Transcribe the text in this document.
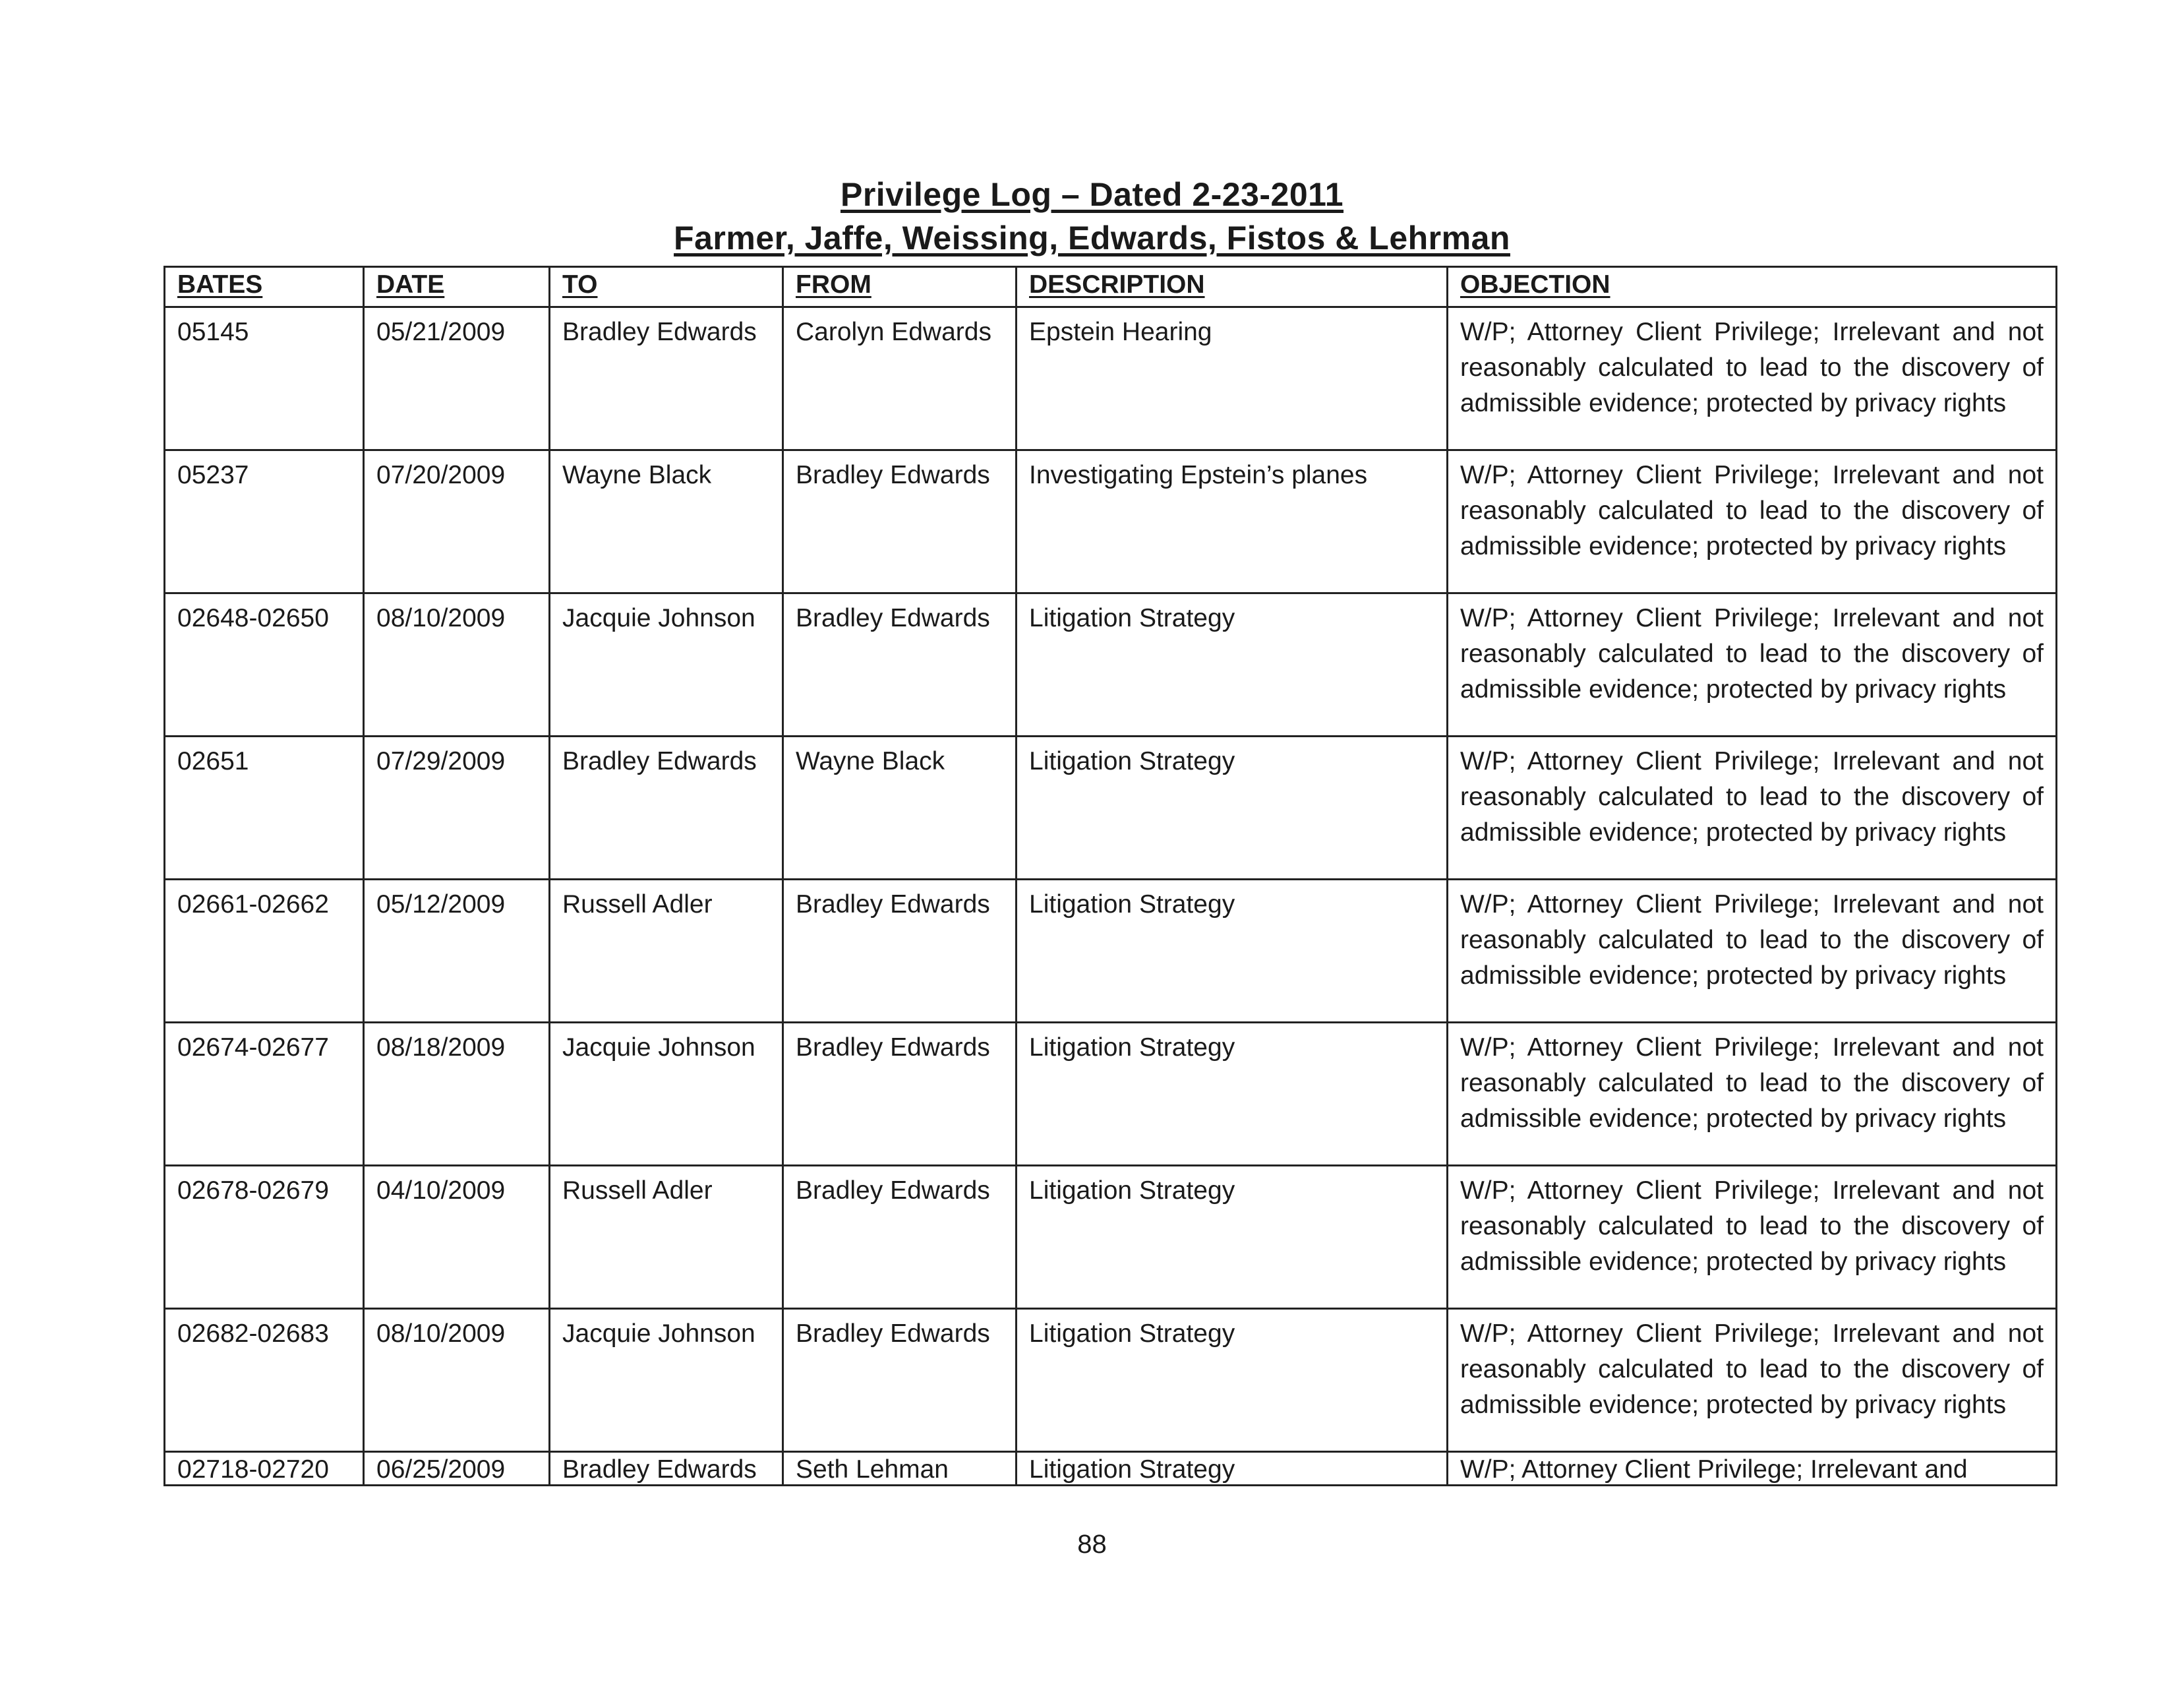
Privilege Log – Dated 2-23-2011
Farmer, Jaffe, Weissing, Edwards, Fistos & Lehrman
BATES	DATE	TO	FROM	DESCRIPTION	OBJECTION
05145	05/21/2009	Bradley Edwards	Carolyn Edwards	Epstein Hearing	W/P; Attorney Client Privilege; Irrelevant and not reasonably calculated to lead to the discovery of admissible evidence; protected by privacy rights
05237	07/20/2009	Wayne Black	Bradley Edwards	Investigating Epstein’s planes	W/P; Attorney Client Privilege; Irrelevant and not reasonably calculated to lead to the discovery of admissible evidence; protected by privacy rights
02648-02650	08/10/2009	Jacquie Johnson	Bradley Edwards	Litigation Strategy	W/P; Attorney Client Privilege; Irrelevant and not reasonably calculated to lead to the discovery of admissible evidence; protected by privacy rights
02651	07/29/2009	Bradley Edwards	Wayne Black	Litigation Strategy	W/P; Attorney Client Privilege; Irrelevant and not reasonably calculated to lead to the discovery of admissible evidence; protected by privacy rights
02661-02662	05/12/2009	Russell Adler	Bradley Edwards	Litigation Strategy	W/P; Attorney Client Privilege; Irrelevant and not reasonably calculated to lead to the discovery of admissible evidence; protected by privacy rights
02674-02677	08/18/2009	Jacquie Johnson	Bradley Edwards	Litigation Strategy	W/P; Attorney Client Privilege; Irrelevant and not reasonably calculated to lead to the discovery of admissible evidence; protected by privacy rights
02678-02679	04/10/2009	Russell Adler	Bradley Edwards	Litigation Strategy	W/P; Attorney Client Privilege; Irrelevant and not reasonably calculated to lead to the discovery of admissible evidence; protected by privacy rights
02682-02683	08/10/2009	Jacquie Johnson	Bradley Edwards	Litigation Strategy	W/P; Attorney Client Privilege; Irrelevant and not reasonably calculated to lead to the discovery of admissible evidence; protected by privacy rights
02718-02720	06/25/2009	Bradley Edwards	Seth Lehman	Litigation Strategy	W/P; Attorney Client Privilege; Irrelevant and
88
